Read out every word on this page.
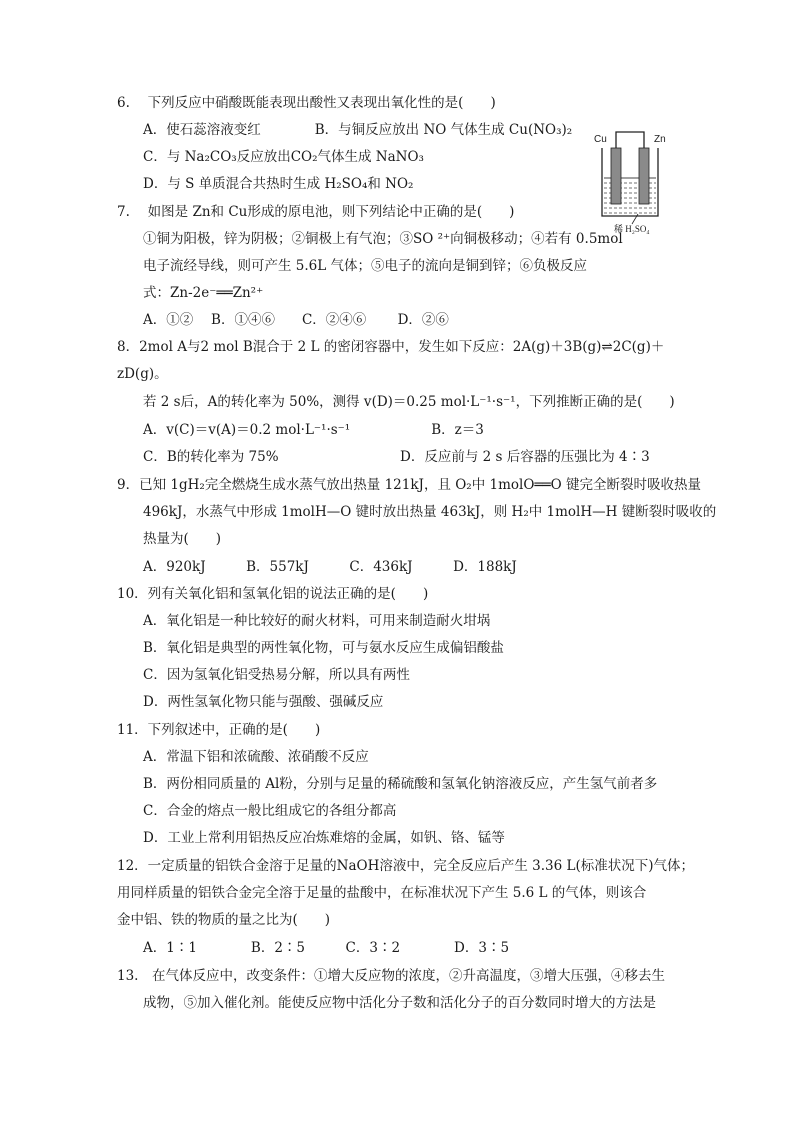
6.　 下列反应中硝酸既能表现出酸性又表现出氧化性的是(　　)
A．使石蕊溶液变红　　　　B．与铜反应放出 NO 气体生成 Cu(NO₃)₂
C．与 Na₂CO₃反应放出CO₂气体生成 NaNO₃
D．与 S 单质混合共热时生成 H₂SO₄和 NO₂
7.　 如图是 Zn和 Cu形成的原电池，则下列结论中正确的是(　　)
①铜为阳极，锌为阴极；②铜极上有气泡；③SO ²⁺向铜极移动；④若有 0.5mol
电子流经导线，则可产生 5.6L 气体；⑤电子的流向是铜到锌；⑥负极反应
式：Zn-2e⁻══Zn²⁺
A．①②　 B．①④⑥　　C．②④⑥　　 D．②⑥
8．2mol A与2 mol B混合于 2 L 的密闭容器中，发生如下反应：2A(g)＋3B(g)⇌2C(g)＋
zD(g)。
若 2 s后，A的转化率为 50%，测得 v(D)＝0.25 mol·L⁻¹·s⁻¹，下列推断正确的是(　　)
A．v(C)＝v(A)＝0.2 mol·L⁻¹·s⁻¹　　　　　　B．z＝3
C．B的转化率为 75%　　　　　　　　　D．反应前与 2 s 后容器的压强比为 4∶3
9．已知 1gH₂完全燃烧生成水蒸气放出热量 121kJ，且 O₂中 1molO══O 键完全断裂时吸收热量
496kJ，水蒸气中形成 1molH—O 键时放出热量 463kJ，则 H₂中 1molH—H 键断裂时吸收的
热量为(　　)
A．920kJ　　　B．557kJ　　　C．436kJ　　　D．188kJ
10．列有关氧化铝和氢氧化铝的说法正确的是(　　)
A．氧化铝是一种比较好的耐火材料，可用来制造耐火坩埚
B．氧化铝是典型的两性氧化物，可与氨水反应生成偏铝酸盐
C．因为氢氧化铝受热易分解，所以具有两性
D．两性氢氧化物只能与强酸、强碱反应
11．下列叙述中，正确的是(　　)
A．常温下铝和浓硫酸、浓硝酸不反应
B．两份相同质量的 Al粉，分别与足量的稀硫酸和氢氧化钠溶液反应，产生氢气前者多
C．合金的熔点一般比组成它的各组分都高
D．工业上常利用铝热反应冶炼难熔的金属，如钒、铬、锰等
12．一定质量的铝铁合金溶于足量的NaOH溶液中，完全反应后产生 3.36 L(标准状况下)气体；
用同样质量的铝铁合金完全溶于足量的盐酸中，在标准状况下产生 5.6 L 的气体，则该合
金中铝、铁的物质的量之比为(　　)
A．1∶1　　　　B．2∶5　　　C．3∶2　　　　D．3∶5
13.　在气体反应中，改变条件：①增大反应物的浓度，②升高温度，③增大压强，④移去生
成物，⑤加入催化剂。能使反应物中活化分子数和活化分子的百分数同时增大的方法是
Cu	Zn
稀 H₂SO₄
